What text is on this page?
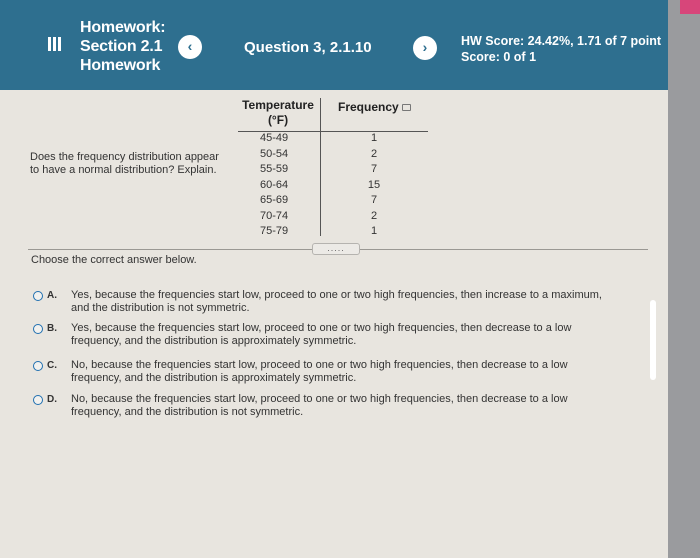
Homework:
Section 2.1
Homework
‹	Question 3, 2.1.10	›	HW Score: 24.42%, 1.71 of 7 point
Score: 0 of 1
Does the frequency distribution appear
to have a normal distribution? Explain.
Temperature
(°F)
Frequency
45-49	1
50-54	2
55-59	7
60-64	15
65-69	7
70-74	2
75-79	1
.....
Choose the correct answer below.
A. Yes, because the frequencies start low, proceed to one or two high frequencies, then increase to a maximum,
and the distribution is not symmetric.
B. Yes, because the frequencies start low, proceed to one or two high frequencies, then decrease to a low
frequency, and the distribution is approximately symmetric.
C. No, because the frequencies start low, proceed to one or two high frequencies, then decrease to a low
frequency, and the distribution is approximately symmetric.
D. No, because the frequencies start low, proceed to one or two high frequencies, then decrease to a low
frequency, and the distribution is not symmetric.
